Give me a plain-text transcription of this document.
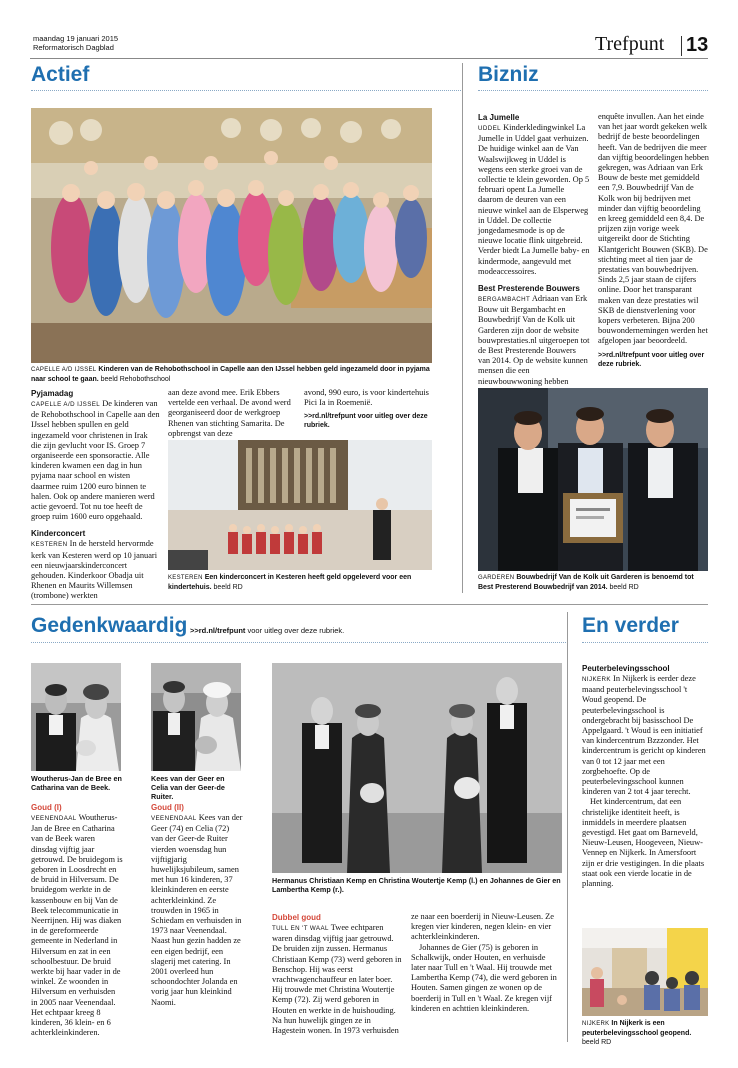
maandag 19 januari 2015
Reformatorisch Dagblad	Trefpunt 13
Actief
CAPELLE A/D IJSSEL Kinderen van de Rehobothschool in Capelle aan den IJssel hebben geld ingezameld door in pyjama naar school te gaan. beeld Rehobothschool
Pyjamadag

CAPELLE A/D IJSSEL De kinderen van de Rehobothschool in Capelle aan den IJssel hebben spullen en geld ingezameld voor christenen in Irak die zijn gevlucht voor IS. Groep 7 organiseerde een sponsoractie. Alle kinderen kwamen een dag in hun pyjama naar school en wisten daarmee ruim 1200 euro binnen te halen. Ook op andere manieren werd actie gevoerd. Tot nu toe heeft de groep ruim 1600 euro opgehaald.

Kinderconcert

KESTEREN In de hersteld hervormde kerk van Kesteren werd op 10 januari een nieuwjaarskinderconcert gehouden. Kinderkoor Obadja uit Rhenen en Maurits Willemsen (trombone) werkten

aan deze avond mee. Erik Ebbers vertelde een verhaal. De avond werd georganiseerd door de werkgroep Rhenen van stichting Samarita. De opbrengst van deze

avond, 990 euro, is voor kindertehuis Pici Ia in Roemenië.

>>rd.nl/trefpunt voor uitleg over deze rubriek.
KESTEREN Een kinderconcert in Kesteren heeft geld opgeleverd voor een kindertehuis. beeld RD
Bizniz
La Jumelle

UDDEL Kinderkledingwinkel La Jumelle in Uddel gaat verhuizen. De huidige winkel aan de Van Waalswijkweg in Uddel is wegens een sterke groei van de collectie te klein geworden. Op 5 februari opent La Jumelle daarom de deuren van een nieuwe winkel aan de Elsperweg in Uddel. De collectie jongedamesmode is op de nieuwe locatie flink uitgebreid. Verder biedt La Jumelle baby- en kindermode, aangevuld met modeaccessoires.

Best Presterende Bouwers

BERGAMBACHT Adriaan van Erk Bouw uit Bergambacht en Bouwbedrijf Van de Kolk uit Garderen zijn door de website bouwprestaties.nl uitgeroepen tot de Best Presterende Bouwers van 2014. Op de website kunnen mensen die een nieuwbouwwoning hebben

enquête invullen. Aan het einde van het jaar wordt gekeken welk bedrijf de beste beoordelingen heeft. Van de bedrijven die meer dan vijftig beoordelingen hebben gekregen, was Adriaan van Erk Bouw de beste met gemiddeld een 7,9. Bouwbedrijf Van de Kolk won bij bedrijven met minder dan vijftig beoordeling en kreeg gemiddeld een 8,4. De prijzen zijn vorige week uitgereikt door de Stichting Klantgericht Bouwen (SKB). De stichting meet al tien jaar de prestaties van bouwbedrijven. Sinds 2,5 jaar staan de cijfers online. Door het transparant maken van deze prestaties wil SKB de dienstverlening voor kopers verbeteren. Bijna 200 bouwondernemingen werden het afgelopen jaar beoordeeld.

>>rd.nl/trefpunt voor uitleg over deze rubriek.
GARDEREN Bouwbedrijf Van de Kolk uit Garderen is benoemd tot Best Presterend Bouwbedrijf van 2014. beeld RD
Gedenkwaardig >>rd.nl/trefpunt voor uitleg over deze rubriek.
Woutherus-Jan de Bree en Catharina van de Beek.
Kees van der Geer en Celia van der Geer-de Ruiter.
Hermanus Christiaan Kemp en Christina Woutertje Kemp (l.) en Johannes de Gier en Lambertha Kemp (r.).
Goud (I)

VEENENDAAL Woutherus-Jan de Bree en Catharina van de Beek waren dinsdag vijftig jaar getrouwd. De bruidegom is geboren in Loosdrecht en de bruid in Hilversum. De bruidegom werkte in de kassenbouw en bij Van de Beek telecommunicatie in Neerrijnen. Hij was diaken in de gereformeerde gemeente in Nederland in Hilversum en zat in een schoolbestuur. De bruid werkte bij haar vader in de winkel. Ze woonden in Hilversum en verhuisden in 2005 naar Veenendaal. Het echtpaar kreeg 8 kinderen, 36 klein- en 6 achterkleinkinderen.

Goud (II)

VEENENDAAL Kees van der Geer (74) en Celia (72) van der Geer-de Ruiter vierden woensdag hun vijftigjarig huwelijksjubileum, samen met hun 16 kinderen, 37 kleinkinderen en eerste achterkleinkind. Ze trouwden in 1965 in Schiedam en verhuisden in 1973 naar Veenendaal. Naast hun gezin hadden ze een eigen bedrijf, een slagerij met catering. In 2001 overleed hun schoondochter Jolanda en vorig jaar hun kleinkind Naomi.

Dubbel goud

TULL EN 'T WAAL Twee echtparen waren dinsdag vijftig jaar getrouwd. De bruiden zijn zussen. Hermanus Christiaan Kemp (73) werd geboren in Benschop. Hij was eerst vrachtwagenchauffeur en later boer. Hij trouwde met Christina Woutertje Kemp (72). Zij werd geboren in Houten en werkte in de huishouding. Na hun huwelijk gingen ze in Hagestein wonen. In 1973 verhuisden

ze naar een boerderij in Nieuw-Leusen. Ze kregen vier kinderen, negen klein- en vier achterkleinkinderen.

Johannes de Gier (75) is geboren in Schalkwijk, onder Houten, en verhuisde later naar Tull en 't Waal. Hij trouwde met Lambertha Kemp (74), die werd geboren in Houten. Samen gingen ze wonen op de boerderij in Tull en 't Waal. Ze kregen vijf kinderen en achttien kleinkinderen.

En verder
Peuterbelevingsschool

NIJKERK In Nijkerk is eerder deze maand peuterbelevingsschool 't Woud geopend. De peuterbelevingsschool is ondergebracht bij basisschool De Appelgaard. 't Woud is een initiatief van kindercentrum Bzzzonder. Het kindercentrum is gericht op kinderen van 0 tot 12 jaar met een zorgbehoefte. Op de peuterbelevingsschool kunnen kinderen van 2 tot 4 jaar terecht.

Het kindercentrum, dat een christelijke identiteit heeft, is inmiddels in meerdere plaatsen gevestigd. Het gaat om Barneveld, Nieuw-Leusen, Hoogeveen, Nieuw-Vennep en Nijkerk. In Amersfoort zijn er drie vestigingen. In die plaats staat ook een vierde locatie in de planning.

NIJKERK In Nijkerk is een peuterbelevingsschool geopend. beeld RD
